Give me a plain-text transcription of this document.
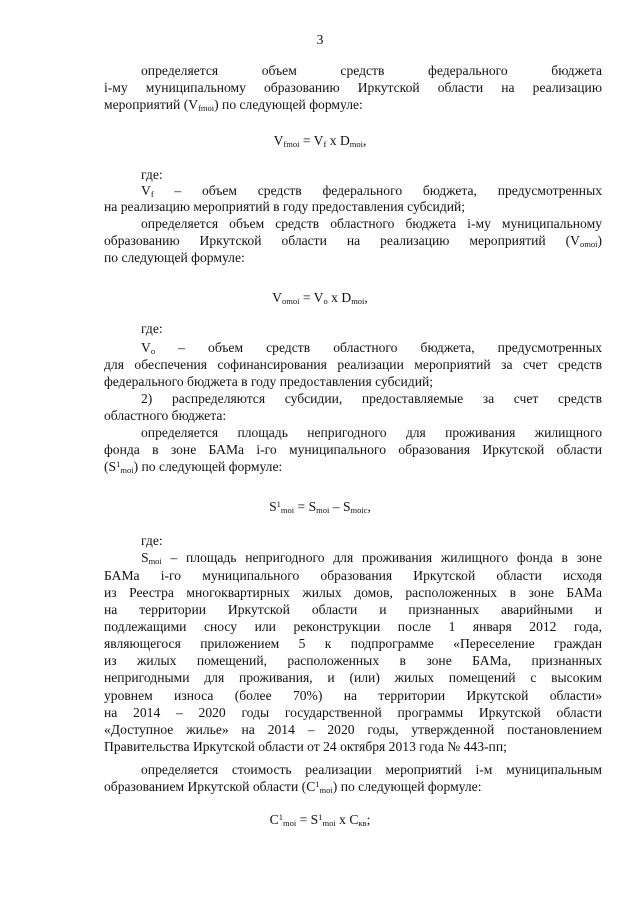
3
определяется объем средств федерального бюджета
i-му муниципальному образованию Иркутской области на реализацию
мероприятий $(V_{fmoi})$ по следующей формуле:
где:
$V_f$ – объем средств федерального бюджета, предусмотренных
на реализацию мероприятий в году предоставления субсидий;
определяется объем средств областного бюджета i-му муниципальному
образованию Иркутской области на реализацию мероприятий $(V_{omoi})$
по следующей формуле:
где:
$V_o$ – объем средств областного бюджета, предусмотренных
для обеспечения софинансирования реализации мероприятий за счет средств
федерального бюджета в году предоставления субсидий;
2) распределяются субсидии, предоставляемые за счет средств
областного бюджета:
определяется площадь непригодного для проживания жилищного
фонда в зоне БАМа i-го муниципального образования Иркутской области
$(S^1_{moi})$ по следующей формуле:
где:
$S_{moi}$ – площадь непригодного для проживания жилищного фонда в зоне
БАМа i-го муниципального образования Иркутской области исходя
из Реестра многоквартирных жилых домов, расположенных в зоне БАМа
на территории Иркутской области и признанных аварийными и
подлежащими сносу или реконструкции после 1 января 2012 года,
являющегося приложением 5 к подпрограмме «Переселение граждан
из жилых помещений, расположенных в зоне БАМа, признанных
непригодными для проживания, и (или) жилых помещений с высоким
уровнем износа (более 70%) на территории Иркутской области»
на 2014 – 2020 годы государственной программы Иркутской области
«Доступное жилье» на 2014 – 2020 годы, утвержденной постановлением
Правительства Иркутской области от 24 октября 2013 года № 443-пп;
определяется стоимость реализации мероприятий i-м муниципальным
образованием Иркутской области $(C^1_{moi})$ по следующей формуле:
$V_{fmoi} = V_f$ x $D_{moi}$,
$V_{omoi} = V_o$ x $D_{moi}$,
$S^1_{moi} = S_{moi} - S_{moic}$,
$C^1_{moi} = S^1_{moi}$ x $C_{кв}$;
